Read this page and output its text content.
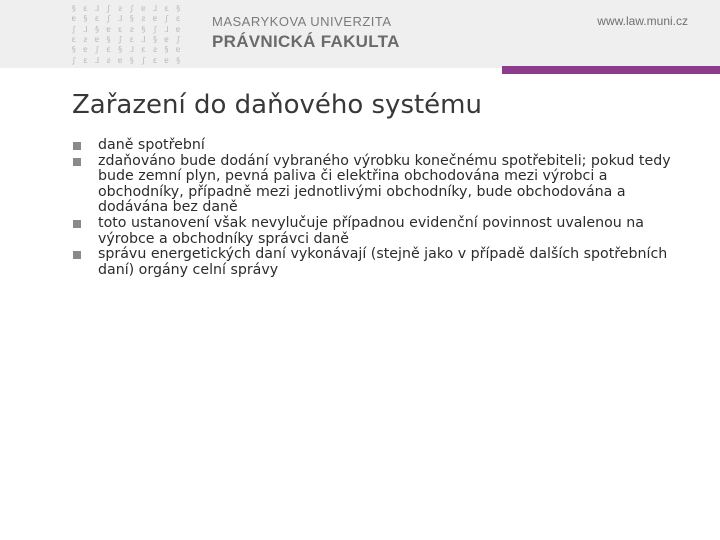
§ ɛ ⅃ ʃ ƨ ʃ ɐ ⅃ ɛ §
ɐ § ɛ ʃ ⅃ § ƨ ɐ ʃ ɛ
ʃ ⅃ § ɐ ɛ ƨ § ʃ ⅃ ɐ
ɛ ƨ ɐ § ʃ ɛ ⅃ § ɐ ʃ
§ ɐ ʃ ɛ § ⅃ ɛ ƨ § ɐ
ʃ ɛ ⅃ ƨ ɐ § ʃ ɛ ɐ §
MASARYKOVA UNIVERZITA
PRÁVNICKÁ FAKULTA
www.law.muni.cz
Zařazení do daňového systému
daně spotřební
zdaňováno bude dodání vybraného výrobku konečnému spotřebiteli; pokud tedy bude zemní plyn, pevná paliva či elektřina obchodována mezi výrobci a obchodníky, případně mezi jednotlivými obchodníky, bude obchodována a dodávána bez daně
toto ustanovení však nevylučuje případnou evidenční povinnost uvalenou na výrobce a obchodníky správci daně
správu energetických daní vykonávají (stejně jako v případě dalších spotřebních daní) orgány celní správy
